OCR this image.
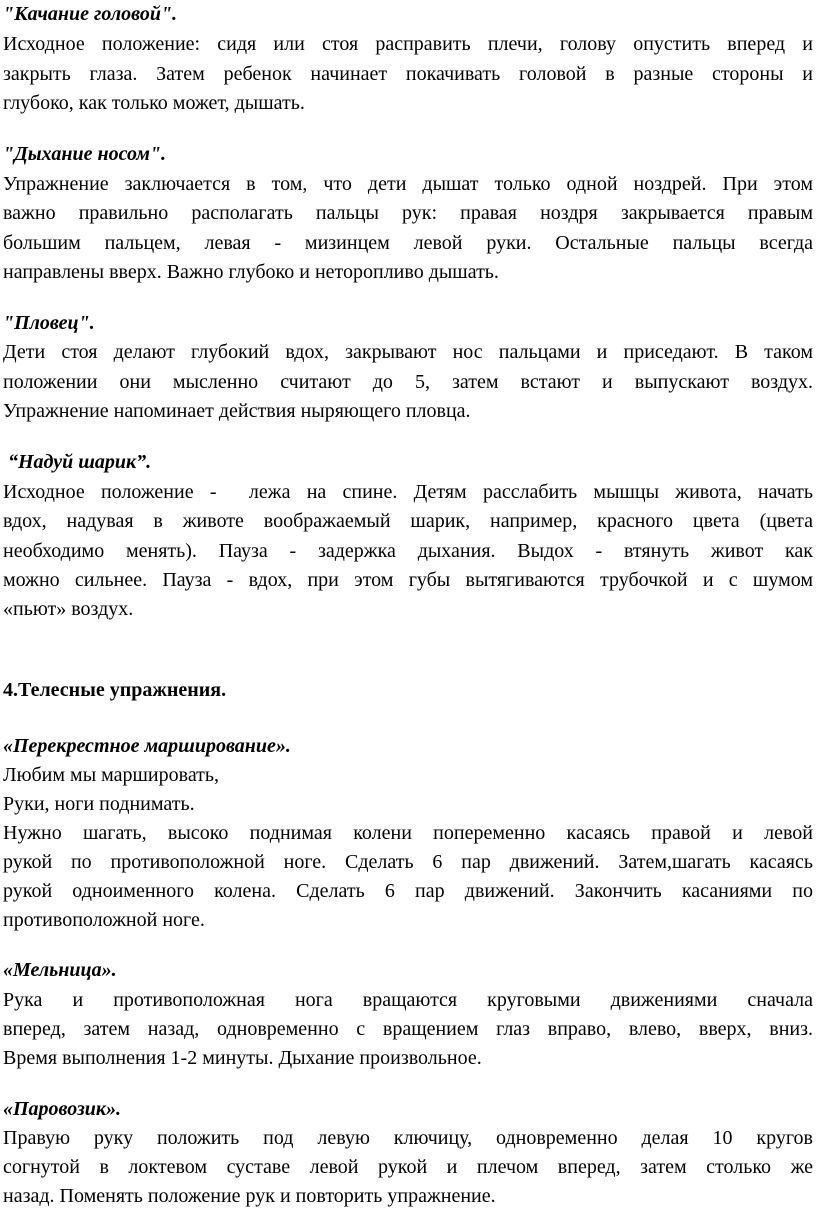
"Качание головой".
Исходное положение: сидя или стоя расправить плечи, голову опустить вперед и
закрыть глаза. Затем ребенок начинает покачивать головой в разные стороны и
глубоко, как только может, дышать.
"Дыхание носом".
Упражнение заключается в том, что дети дышат только одной ноздрей. При этом
важно правильно располагать пальцы рук: правая ноздря закрывается правым
большим пальцем, левая - мизинцем левой руки. Остальные пальцы всегда
направлены вверх. Важно глубоко и неторопливо дышать.
"Пловец".
Дети стоя делают глубокий вдох, закрывают нос пальцами и приседают. В таком
положении они мысленно считают до 5, затем встают и выпускают воздух.
Упражнение напоминает действия ныряющего пловца.
“Надуй шарик”.
Исходное положение -  лежа на спине. Детям расслабить мышцы живота, начать
вдох, надувая в животе воображаемый шарик, например, красного цвета (цвета
необходимо менять). Пауза - задержка дыхания. Выдох - втянуть живот как
можно сильнее. Пауза - вдох, при этом губы вытягиваются трубочкой и с шумом
«пьют» воздух.
4.Телесные упражнения.
«Перекрестное марширование».
Любим мы маршировать,
Руки, ноги поднимать.
Нужно шагать, высоко поднимая колени попеременно касаясь правой и левой
рукой по противоположной ноге. Сделать 6 пар движений. Затем,шагать касаясь
рукой одноименного колена. Сделать 6 пар движений. Закончить касаниями по
противоположной ноге.
«Мельница».
Рука и противоположная нога вращаются круговыми движениями сначала
вперед, затем назад, одновременно с вращением глаз вправо, влево, вверх, вниз.
Время выполнения 1-2 минуты. Дыхание произвольное.
«Паровозик».
Правую руку положить под левую ключицу, одновременно делая 10 кругов
согнутой в локтевом суставе левой рукой и плечом вперед, затем столько же
назад. Поменять положение рук и повторить упражнение.
